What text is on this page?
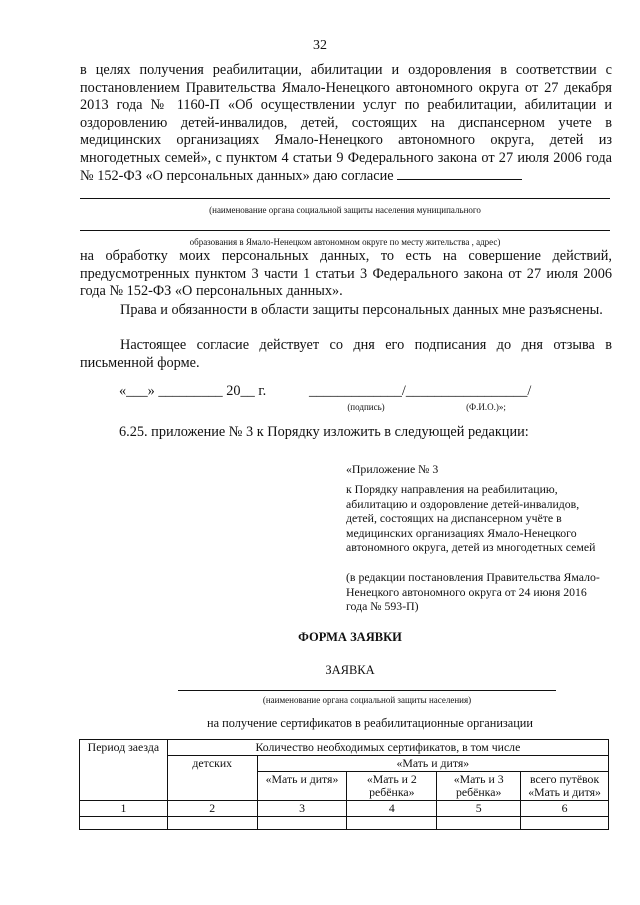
32
в целях получения реабилитации, абилитации и оздоровления в соответствии с постановлением Правительства Ямало-Ненецкого автономного округа от 27 декабря 2013 года № 1160-П «Об осуществлении услуг по реабилитации, абилитации и оздоровлению детей-инвалидов, детей, состоящих на диспансерном учете в медицинских организациях Ямало-Ненецкого автономного округа, детей из многодетных семей», с пунктом 4 статьи 9 Федерального закона от 27 июля 2006 года № 152-ФЗ «О персональных данных» даю согласие
(наименование органа социальной защиты населения муниципального
образования в Ямало-Ненецком автономном округе по месту жительства , адрес)
на обработку моих персональных данных, то есть на совершение действий, предусмотренных пунктом 3 части 1 статьи 3 Федерального закона от 27 июля 2006 года № 152-ФЗ «О персональных данных».
Права и обязанности в области защиты персональных данных мне разъяснены.
Настоящее согласие действует со дня его подписания до дня отзыва в письменной форме.
«___» _________ 20__ г.	_____________/_________________/
(подпись)	(Ф.И.О.)»;
6.25. приложение № 3 к Порядку изложить в следующей редакции:
«Приложение № 3
к Порядку направления на реабилитацию, абилитацию и оздоровление детей-инвалидов, детей, состоящих на диспансерном учёте в медицинских организациях Ямало-Ненецкого автономного округа, детей из многодетных семей
(в редакции постановления Правительства Ямало-Ненецкого автономного округа от 24 июня 2016 года № 593-П)
ФОРМА ЗАЯВКИ
ЗАЯВКА
(наименование органа социальной защиты населения)
на получение сертификатов в реабилитационные организации
Период заезда	Количество необходимых сертификатов, в том числе				
	детских	«Мать и дитя»			
		«Мать и дитя»	«Мать и 2 ребёнка»	«Мать и 3 ребёнка»	всего путёвок «Мать и дитя»
1	2	3	4	5	6
